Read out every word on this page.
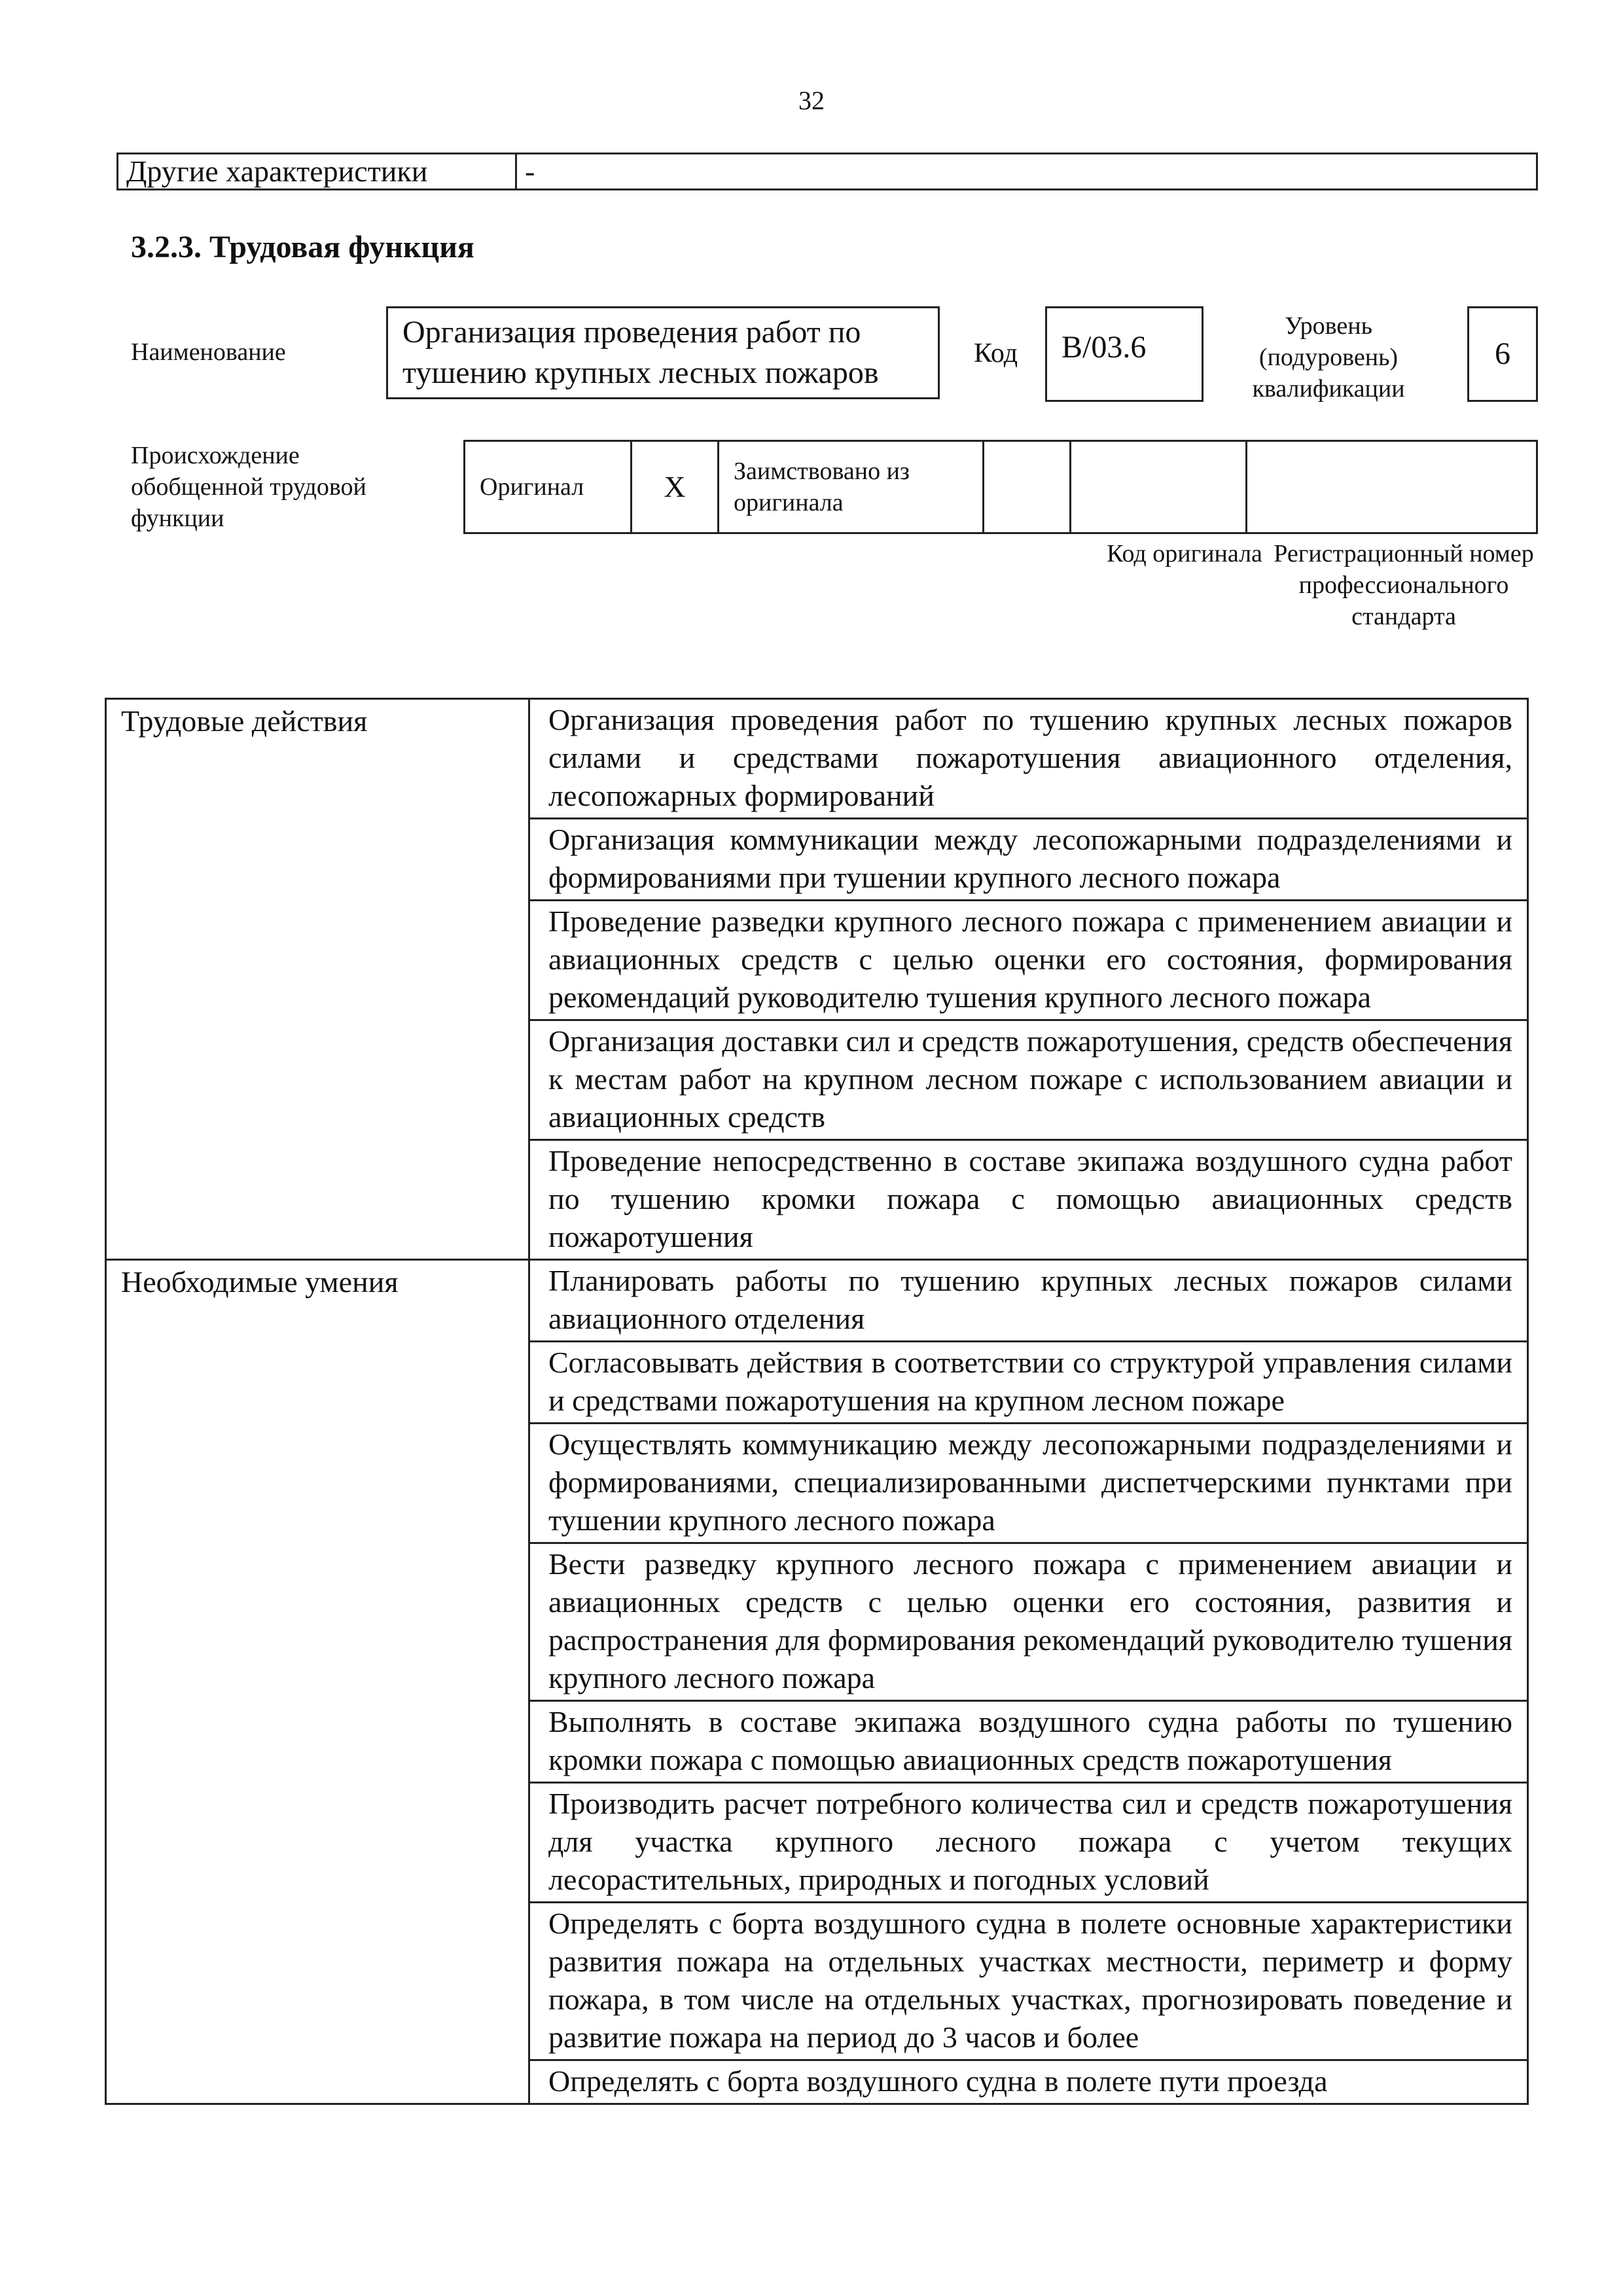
32
Другие характеристики	-
3.2.3. Трудовая функция
Наименование
Организация проведения работ по тушению крупных лесных пожаров
Код	B/03.6
Уровень
(подуровень)
квалификации
6
Происхождение обобщенной трудовой функции
Оригинал	X	Заимствовано из оригинала			
Код оригинала Регистрационный номер профессионального стандарта
Трудовые действия	Организация проведения работ по тушению крупных лесных пожаров силами и средствами пожаротушения авиационного отделения, лесопожарных формирований
	Организация коммуникации между лесопожарными подразделениями и формированиями при тушении крупного лесного пожара
	Проведение разведки крупного лесного пожара с применением авиации и авиационных средств с целью оценки его состояния, формирования рекомендаций руководителю тушения крупного лесного пожара
	Организация доставки сил и средств пожаротушения, средств обеспечения к местам работ на крупном лесном пожаре с использованием авиации и авиационных средств
	Проведение непосредственно в составе экипажа воздушного судна работ по тушению кромки пожара с помощью авиационных средств пожаротушения
Необходимые умения	Планировать работы по тушению крупных лесных пожаров силами авиационного отделения
	Согласовывать действия в соответствии со структурой управления силами и средствами пожаротушения на крупном лесном пожаре
	Осуществлять коммуникацию между лесопожарными подразделениями и формированиями, специализированными диспетчерскими пунктами при тушении крупного лесного пожара
	Вести разведку крупного лесного пожара с применением авиации и авиационных средств с целью оценки его состояния, развития и распространения для формирования рекомендаций руководителю тушения крупного лесного пожара
	Выполнять в составе экипажа воздушного судна работы по тушению кромки пожара с помощью авиационных средств пожаротушения
	Производить расчет потребного количества сил и средств пожаротушения для участка крупного лесного пожара с учетом текущих лесорастительных, природных и погодных условий
	Определять с борта воздушного судна в полете основные характеристики развития пожара на отдельных участках местности, периметр и форму пожара, в том числе на отдельных участках, прогнозировать поведение и развитие пожара на период до 3 часов и более
	Определять с борта воздушного судна в полете пути проезда
